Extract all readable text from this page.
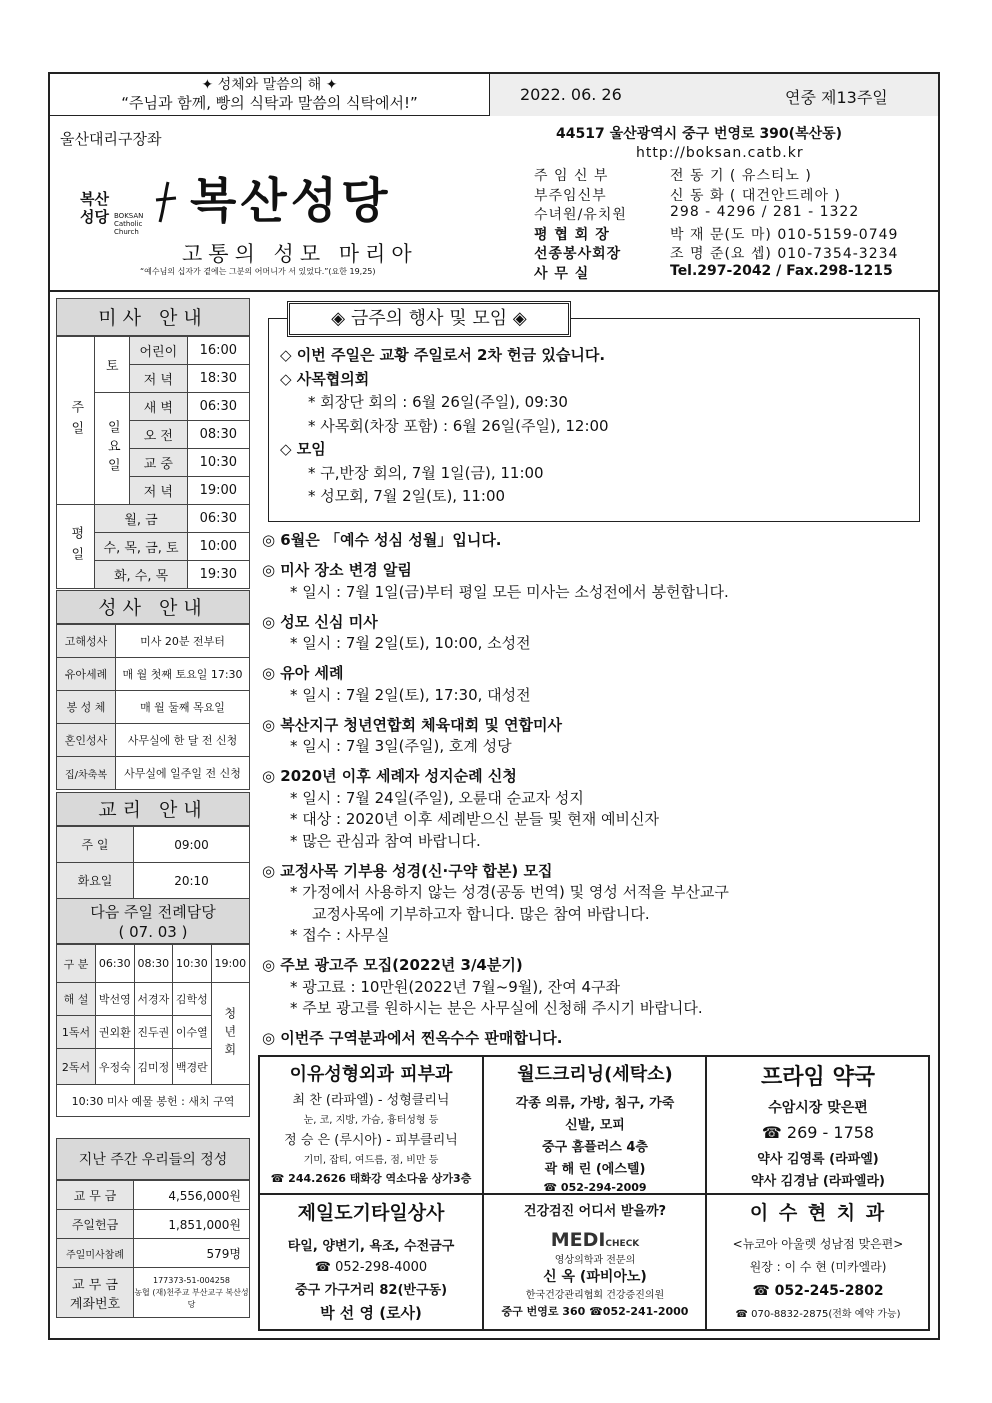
✦ 성체와 말씀의 해 ✦
“주님과 함께, 빵의 식탁과 말씀의 식탁에서!”	2022. 06. 26	연중 제13주일
울산대리구장좌
복산
성당 BOKSAN Catholic Church
복산성당
고통의 성모 마리아
“예수님의 십자가 곁에는 그분의 어머니가 서 있었다.”(요한 19,25)
44517 울산광역시 중구 번영로 390(복산동)
http://boksan.catb.kr
주 임 신 부	전 동 기 ( 유스티노 )
부주임신부	신 동 화 ( 대건안드레아 )
수녀원/유치원	298 - 4296 / 281 - 1322
평 협 회 장	박 재 문(도 마) 010-5159-0749
선종봉사회장	조 명 준(요 셉) 010-7354-3234
사 무 실	Tel.297-2042 / Fax.298-1215
미사 안내
주일	토	어린이	16:00
		저 녁	18:30
	일요일	새 벽	06:30
		오 전	08:30
		교 중	10:30
		저 녁	19:00
평일	월, 금		06:30
	수, 목, 금, 토		10:00
	화, 수, 목		19:30
성사 안내
고해성사	미사 20분 전부터
유아세례	매 월 첫째 토요일 17:30
봉 성 체	매 월 둘째 목요일
혼인성사	사무실에 한 달 전 신청
집/차축복	사무실에 일주일 전 신청
교리 안내
주 일	09:00
화요일	20:10
다음 주일 전례담당
( 07. 03 )
구 분	06:30	08:30	10:30	19:00
해 설	박선영	서경자	김학성	청년회
1독서	권외환	진두권	이수열	
2독서	우정숙	김미정	백경란	
10:30 미사 예물 봉헌 : 새치 구역				
지난 주간 우리들의 정성
교 무 금	4,556,000원
주일헌금	1,851,000원
주일미사참례	579명
교 무 금 계좌번호	177373-51-004258
농협 (재)천주교 부산교구 복산성당
◈ 금주의 행사 및 모임 ◈
◇ 이번 주일은 교황 주일로서 2차 헌금 있습니다.
◇ 사목협의회
* 회장단 회의 : 6월 26일(주일), 09:30
* 사목회(차장 포함) : 6월 26일(주일), 12:00
◇ 모임
* 구,반장 회의, 7월 1일(금), 11:00
* 성모회, 7월 2일(토), 11:00
◎ 6월은 「예수 성심 성월」입니다.
◎ 미사 장소 변경 알림
* 일시 : 7월 1일(금)부터 평일 모든 미사는 소성전에서 봉헌합니다.
◎ 성모 신심 미사
* 일시 : 7월 2일(토), 10:00, 소성전
◎ 유아 세례
* 일시 : 7월 2일(토), 17:30, 대성전
◎ 복산지구 청년연합회 체육대회 및 연합미사
* 일시 : 7월 3일(주일), 호계 성당
◎ 2020년 이후 세례자 성지순례 신청
* 일시 : 7월 24일(주일), 오륜대 순교자 성지
* 대상 : 2020년 이후 세례받으신 분들 및 현재 예비신자
* 많은 관심과 참여 바랍니다.
◎ 교정사목 기부용 성경(신·구약 합본) 모집
* 가정에서 사용하지 않는 성경(공동 번역) 및 영성 서적을 부산교구
교정사목에 기부하고자 합니다. 많은 참여 바랍니다.
* 접수 : 사무실
◎ 주보 광고주 모집(2022년 3/4분기)
* 광고료 : 10만원(2022년 7월~9월), 잔여 4구좌
* 주보 광고를 원하시는 분은 사무실에 신청해 주시기 바랍니다.
◎ 이번주 구역분과에서 찐옥수수 판매합니다.
이유성형외과 피부과
최 찬 (라파엘) - 성형클리닉
눈, 코, 지방, 가슴, 흉터성형 등
정 승 은 (루시아) - 피부클리닉
기미, 잡티, 여드름, 점, 비만 등
☎ 244.2626 태화강 역소다움 상가3층
월드크리닝(세탁소)
각종 의류, 가방, 침구, 가죽
신발, 모피
중구 홈플러스 4층
곽 해 린 (에스텔)
☎ 052-294-2009
프라임 약국
수암시장 맞은편
☎ 269 - 1758
약사 김영록 (라파엘)
약사 김경남 (라파엘라)
제일도기타일상사
타일, 양변기, 욕조, 수전금구
☎ 052-298-4000
중구 가구거리 82(반구동)
박 선 영 (로사)
건강검진 어디서 받을까?
MEDICHECK
영상의학과 전문의
신 옥 (파비아노)
한국건강관리협회 건강증진의원
중구 번영로 360 ☎052-241-2000
이 수 현 치 과
<뉴코아 아울렛 성남점 맞은편>
원장 : 이 수 현 (미카엘라)
☎ 052-245-2802
☎ 070-8832-2875(전화 예약 가능)
